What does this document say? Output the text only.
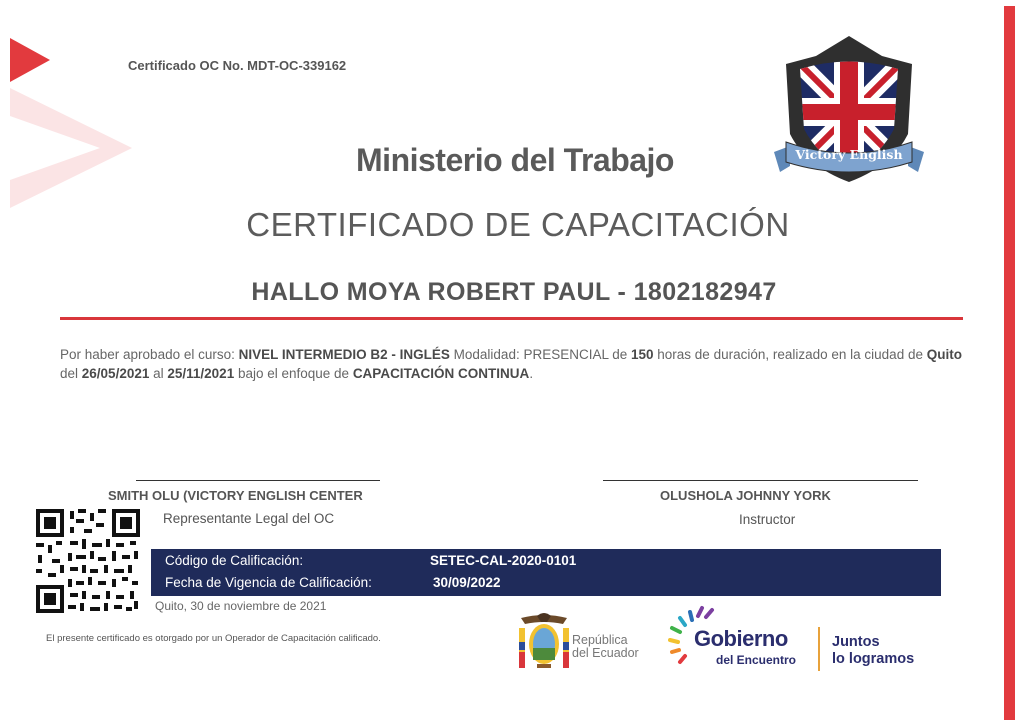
Certificado OC No. MDT-OC-339162
Victory English
Ministerio del Trabajo
CERTIFICADO DE CAPACITACIÓN
HALLO MOYA ROBERT PAUL - 1802182947
Por haber aprobado el curso: NIVEL INTERMEDIO B2 - INGLÉS Modalidad: PRESENCIAL de 150 horas de duración, realizado en la ciudad de Quito del 26/05/2021 al 25/11/2021 bajo el enfoque de CAPACITACIÓN CONTINUA.
SMITH OLU (VICTORY ENGLISH CENTER
Representante Legal del OC
OLUSHOLA JOHNNY YORK
Instructor
Código de Calificación:	SETEC-CAL-2020-0101
Fecha de Vigencia de Calificación:	30/09/2022
Quito, 30 de noviembre de 2021
El presente certificado es otorgado por un Operador de Capacitación calificado.	República
del Ecuador
Gobierno
del Encuentro
Juntos
lo logramos
